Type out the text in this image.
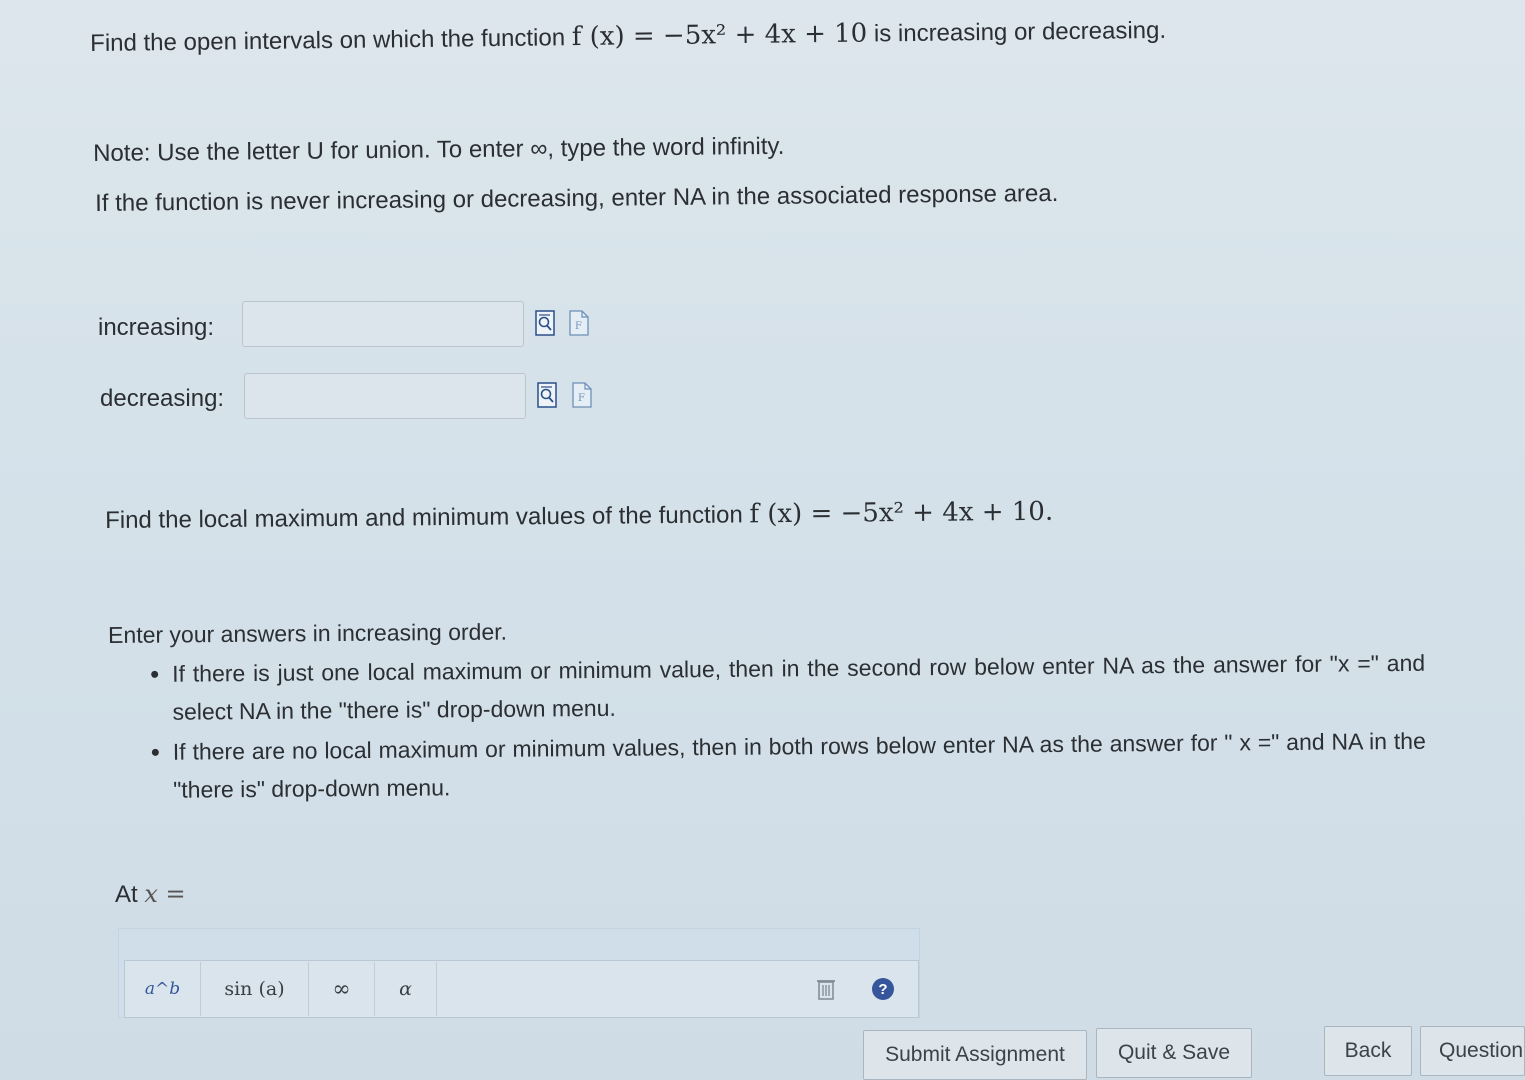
Find the open intervals on which the function f (x) = −5x² + 4x + 10 is increasing or decreasing.
Note: Use the letter U for union. To enter ∞, type the word infinity.
If the function is never increasing or decreasing, enter NA in the associated response area.
increasing:	F
decreasing:	F
Find the local maximum and minimum values of the function f (x) = −5x² + 4x + 10.
Enter your answers in increasing order.
• If there is just one local maximum or minimum value, then in the second row below enter NA as the answer for "x =" and select NA in the "there is" drop-down menu.
• If there are no local maximum or minimum values, then in both rows below enter NA as the answer for " x =" and NA in the "there is" drop-down menu.
At x =
a^b sin (a) ∞	α	?
Submit Assignment	Quit & Save	Back	Question
